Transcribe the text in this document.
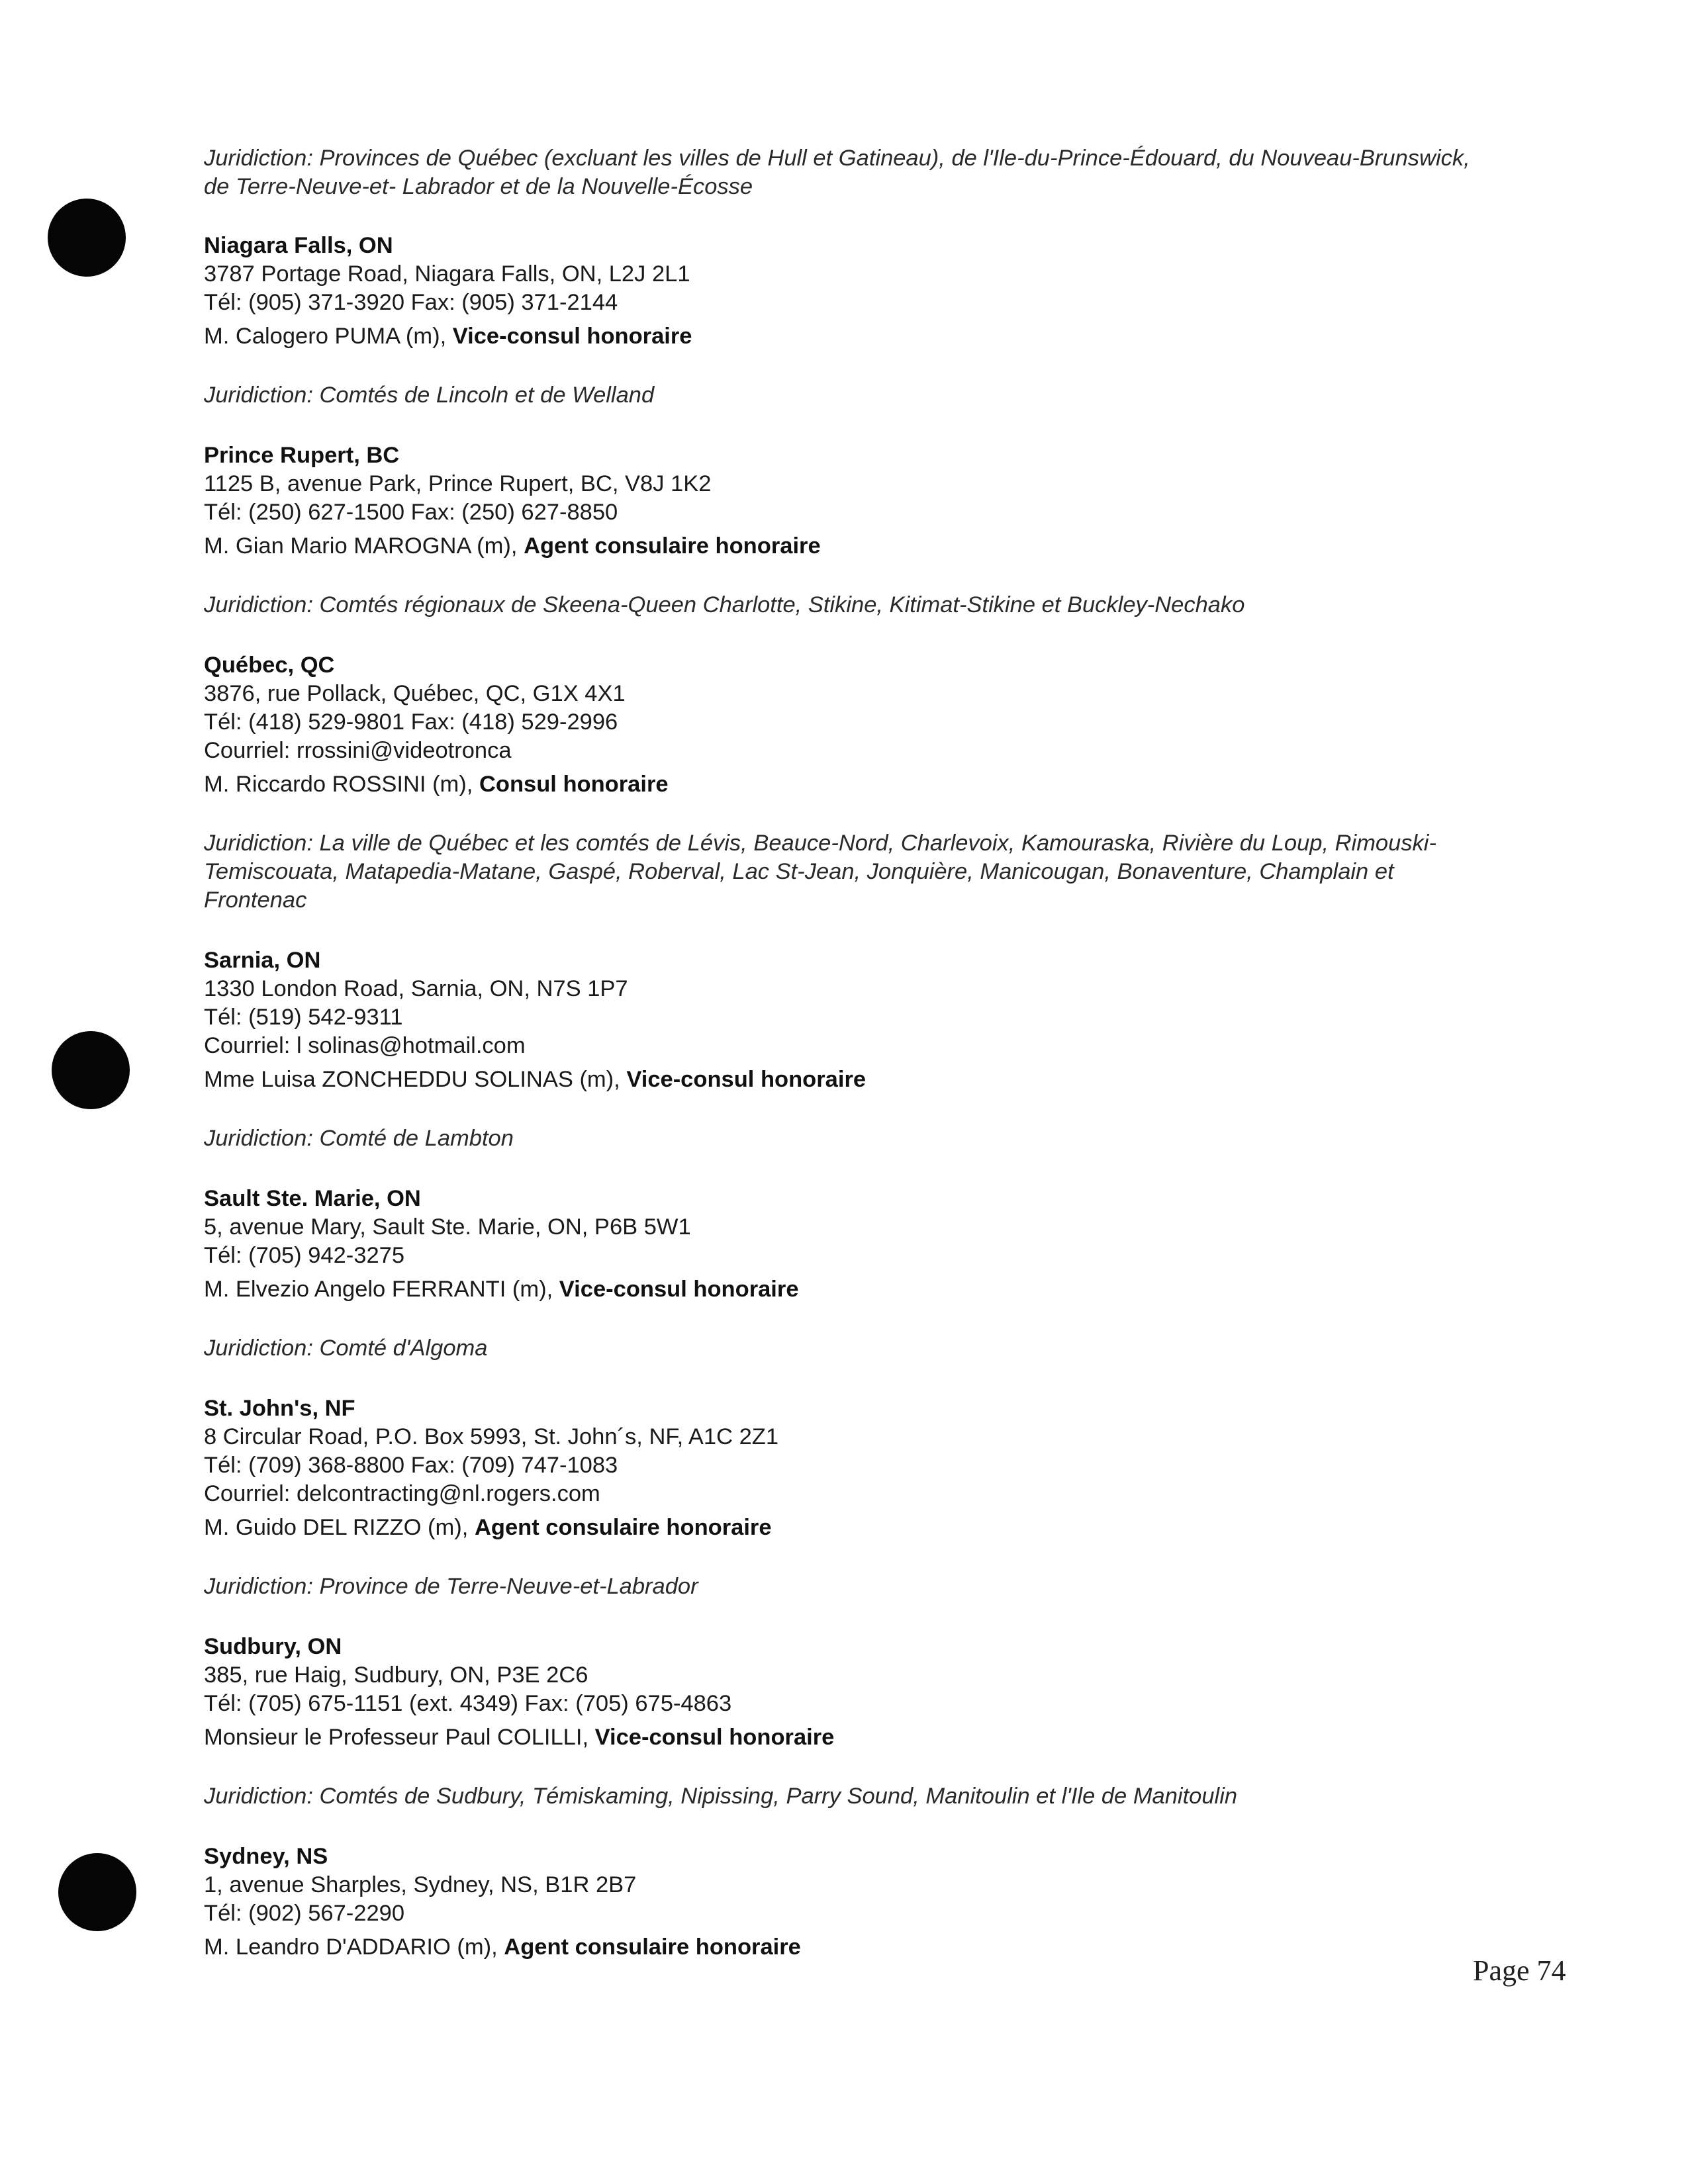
Juridiction: Provinces de Québec (excluant les villes de Hull et Gatineau), de l'Ile-du-Prince-Édouard, du Nouveau-Brunswick, de Terre-Neuve-et- Labrador et de la Nouvelle-Écosse
Niagara Falls, ON
3787 Portage Road, Niagara Falls, ON, L2J 2L1
Tél: (905) 371-3920 Fax: (905) 371-2144
M. Calogero PUMA (m), Vice-consul honoraire
Juridiction: Comtés de Lincoln et de Welland
Prince Rupert, BC
1125 B, avenue Park, Prince Rupert, BC, V8J 1K2
Tél: (250) 627-1500 Fax: (250) 627-8850
M. Gian Mario MAROGNA (m), Agent consulaire honoraire
Juridiction: Comtés régionaux de Skeena-Queen Charlotte, Stikine, Kitimat-Stikine et Buckley-Nechako
Québec, QC
3876, rue Pollack, Québec, QC, G1X 4X1
Tél: (418) 529-9801 Fax: (418) 529-2996
Courriel: rrossini@videotronca
M. Riccardo ROSSINI (m), Consul honoraire
Juridiction: La ville de Québec et les comtés de Lévis, Beauce-Nord, Charlevoix, Kamouraska, Rivière du Loup, Rimouski-Temiscouata, Matapedia-Matane, Gaspé, Roberval, Lac St-Jean, Jonquière, Manicougan, Bonaventure, Champlain et Frontenac
Sarnia, ON
1330 London Road, Sarnia, ON, N7S 1P7
Tél: (519) 542-9311
Courriel: l solinas@hotmail.com
Mme Luisa ZONCHEDDU SOLINAS (m), Vice-consul honoraire
Juridiction: Comté de Lambton
Sault Ste. Marie, ON
5, avenue Mary, Sault Ste. Marie, ON, P6B 5W1
Tél: (705) 942-3275
M. Elvezio Angelo FERRANTI (m), Vice-consul honoraire
Juridiction: Comté d'Algoma
St. John's, NF
8 Circular Road, P.O. Box 5993, St. John´s, NF, A1C 2Z1
Tél: (709) 368-8800 Fax: (709) 747-1083
Courriel: delcontracting@nl.rogers.com
M. Guido DEL RIZZO (m), Agent consulaire honoraire
Juridiction: Province de Terre-Neuve-et-Labrador
Sudbury, ON
385, rue Haig, Sudbury, ON, P3E 2C6
Tél: (705) 675-1151 (ext. 4349) Fax: (705) 675-4863
Monsieur le Professeur Paul COLILLI, Vice-consul honoraire
Juridiction: Comtés de Sudbury, Témiskaming, Nipissing, Parry Sound, Manitoulin et l'Ile de Manitoulin
Sydney, NS
1, avenue Sharples, Sydney, NS, B1R 2B7
Tél: (902) 567-2290
M. Leandro D'ADDARIO (m), Agent consulaire honoraire
Page 74
